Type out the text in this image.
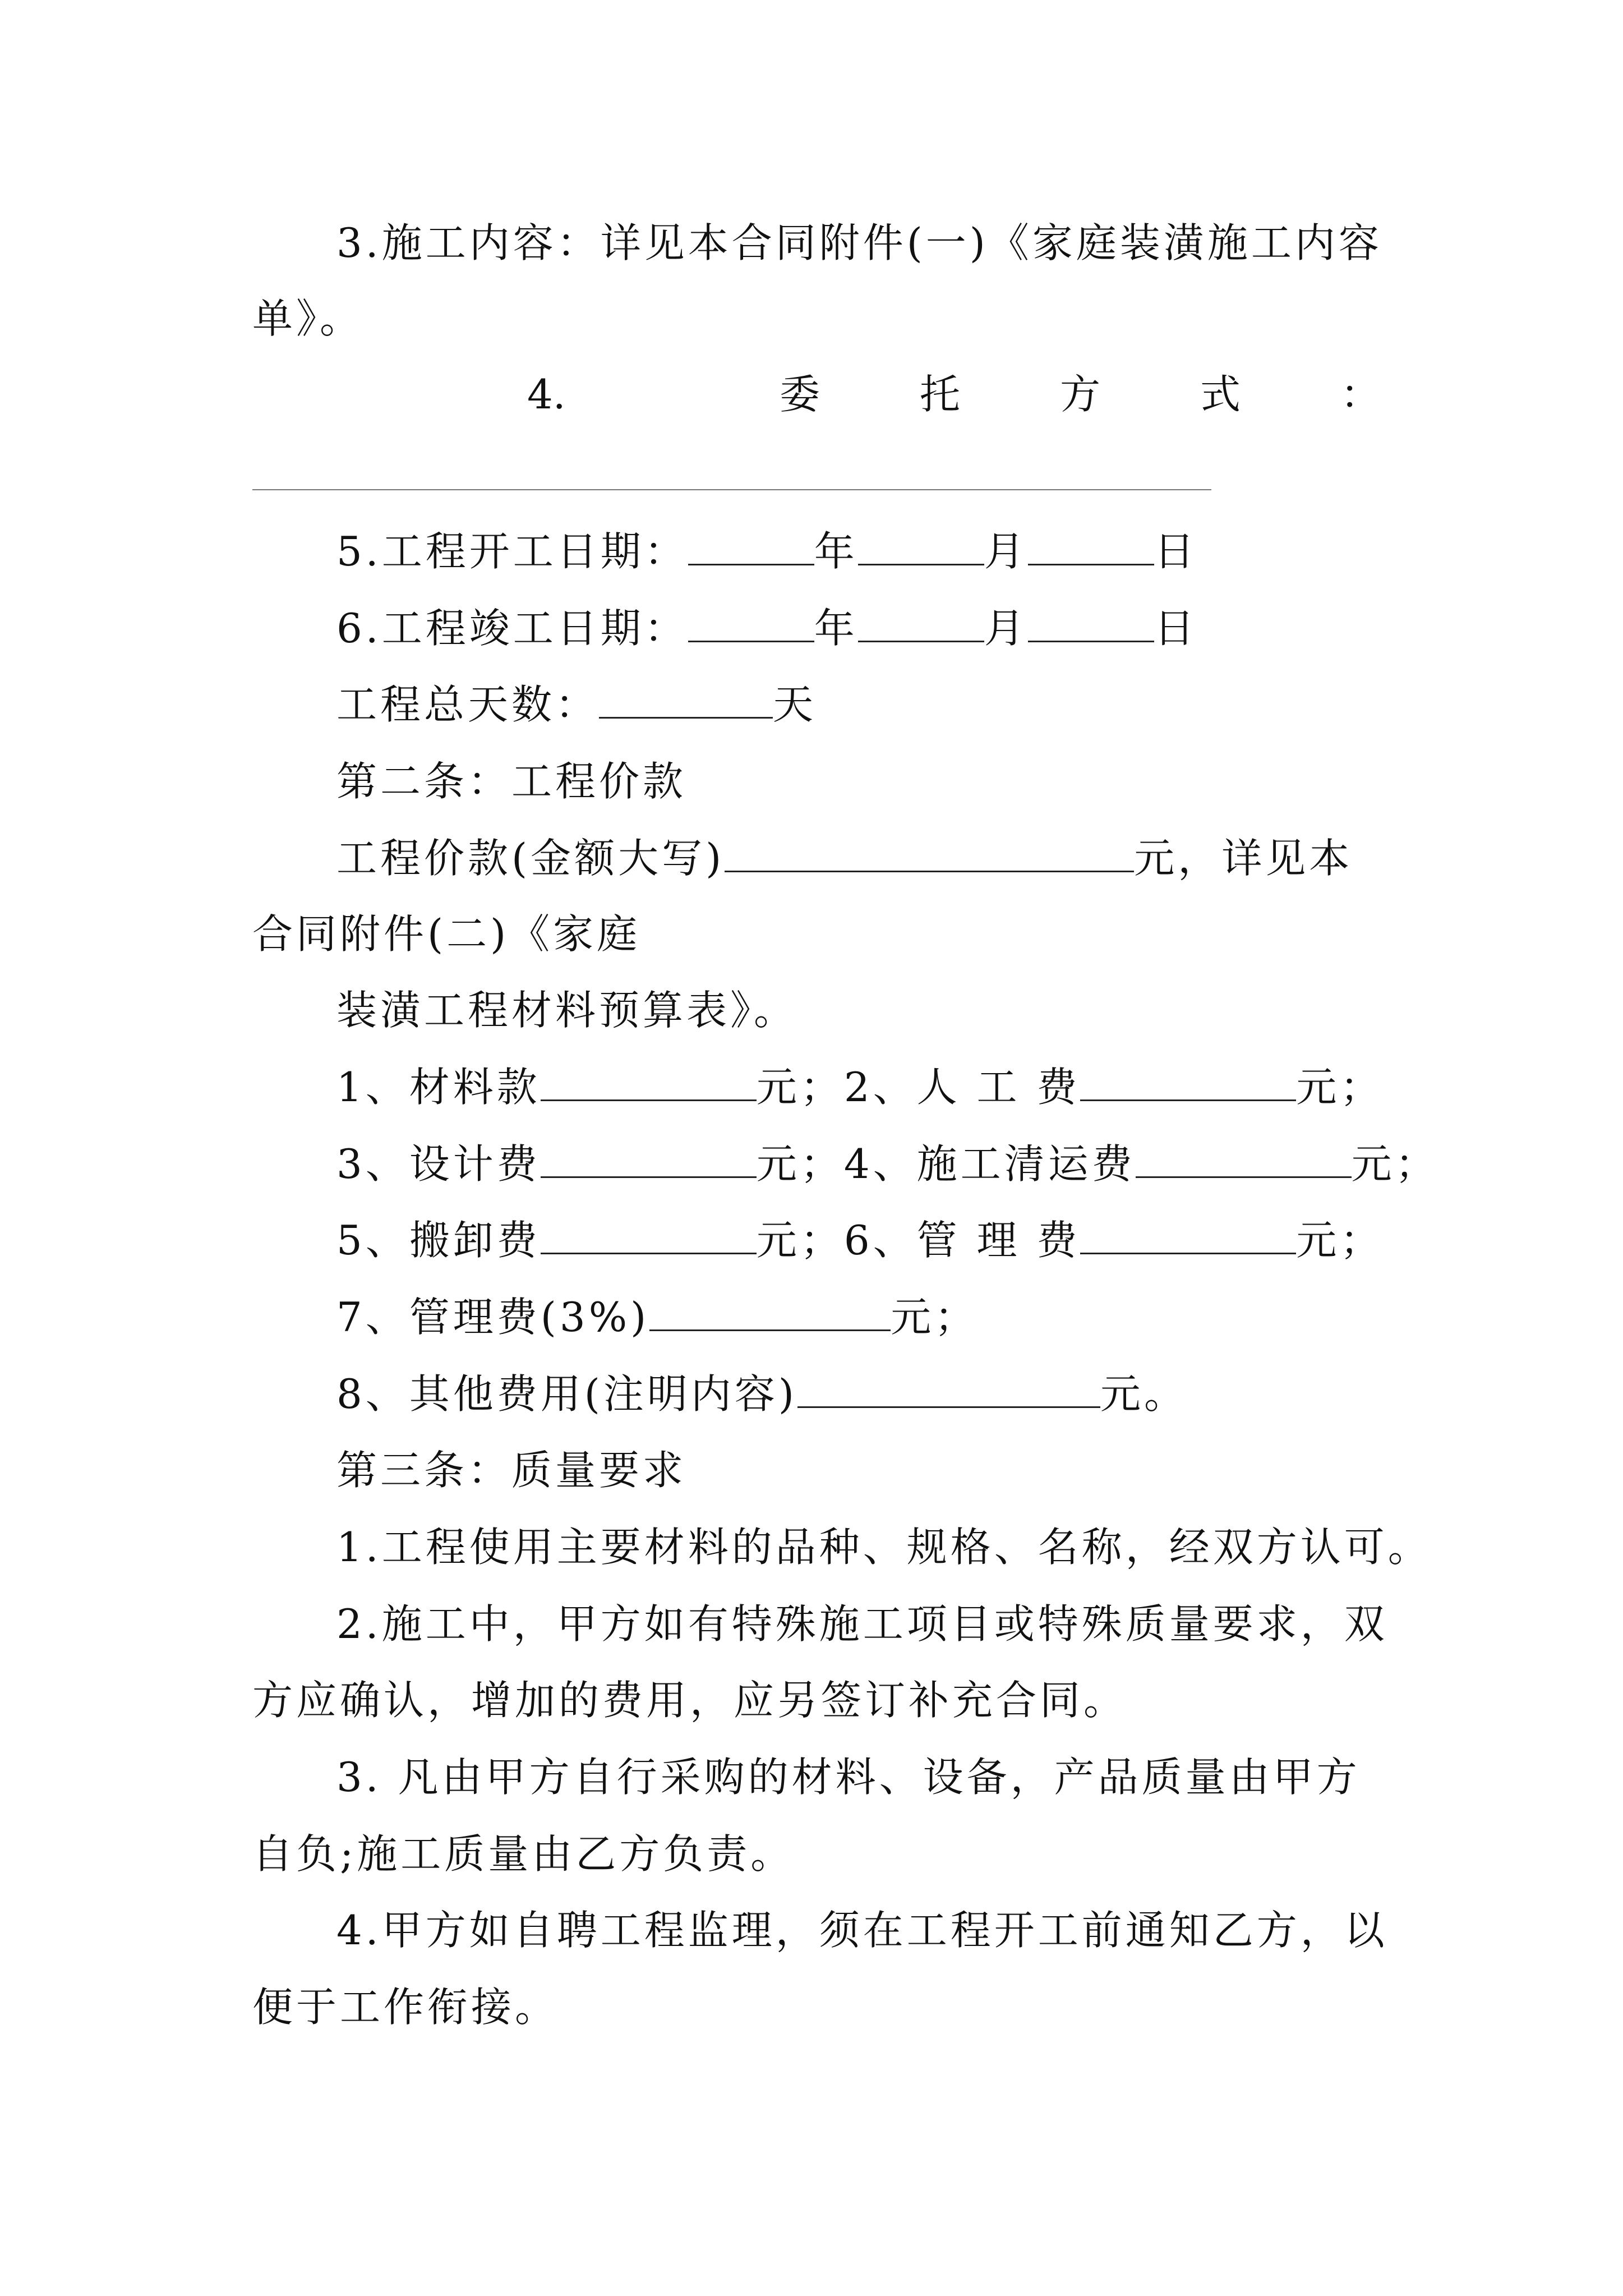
3.施工内容：详见本合同附件(一)《家庭装潢施工内容
单》。
4.	委 托 方 式 ：
5.工程开工日期：	年	月	日
6.工程竣工日期：	年	月	日
工程总天数：	天
第二条：工程价款
工程价款(金额大写)	元，详见本
合同附件(二)《家庭
装潢工程材料预算表》。
1、材料款	元；2、人 工 费	元；
3、设计费	元；4、施工清运费	元；
5、搬卸费	元；6、管 理 费	元；
7、管理费(3%)	元；
8、其他费用(注明内容)	元。
第三条：质量要求
1.工程使用主要材料的品种、规格、名称，经双方认可。
2.施工中，甲方如有特殊施工项目或特殊质量要求，双
方应确认，增加的费用，应另签订补充合同。
3. 凡由甲方自行采购的材料、设备，产品质量由甲方
自负;施工质量由乙方负责。
4.甲方如自聘工程监理，须在工程开工前通知乙方，以
便于工作衔接。
